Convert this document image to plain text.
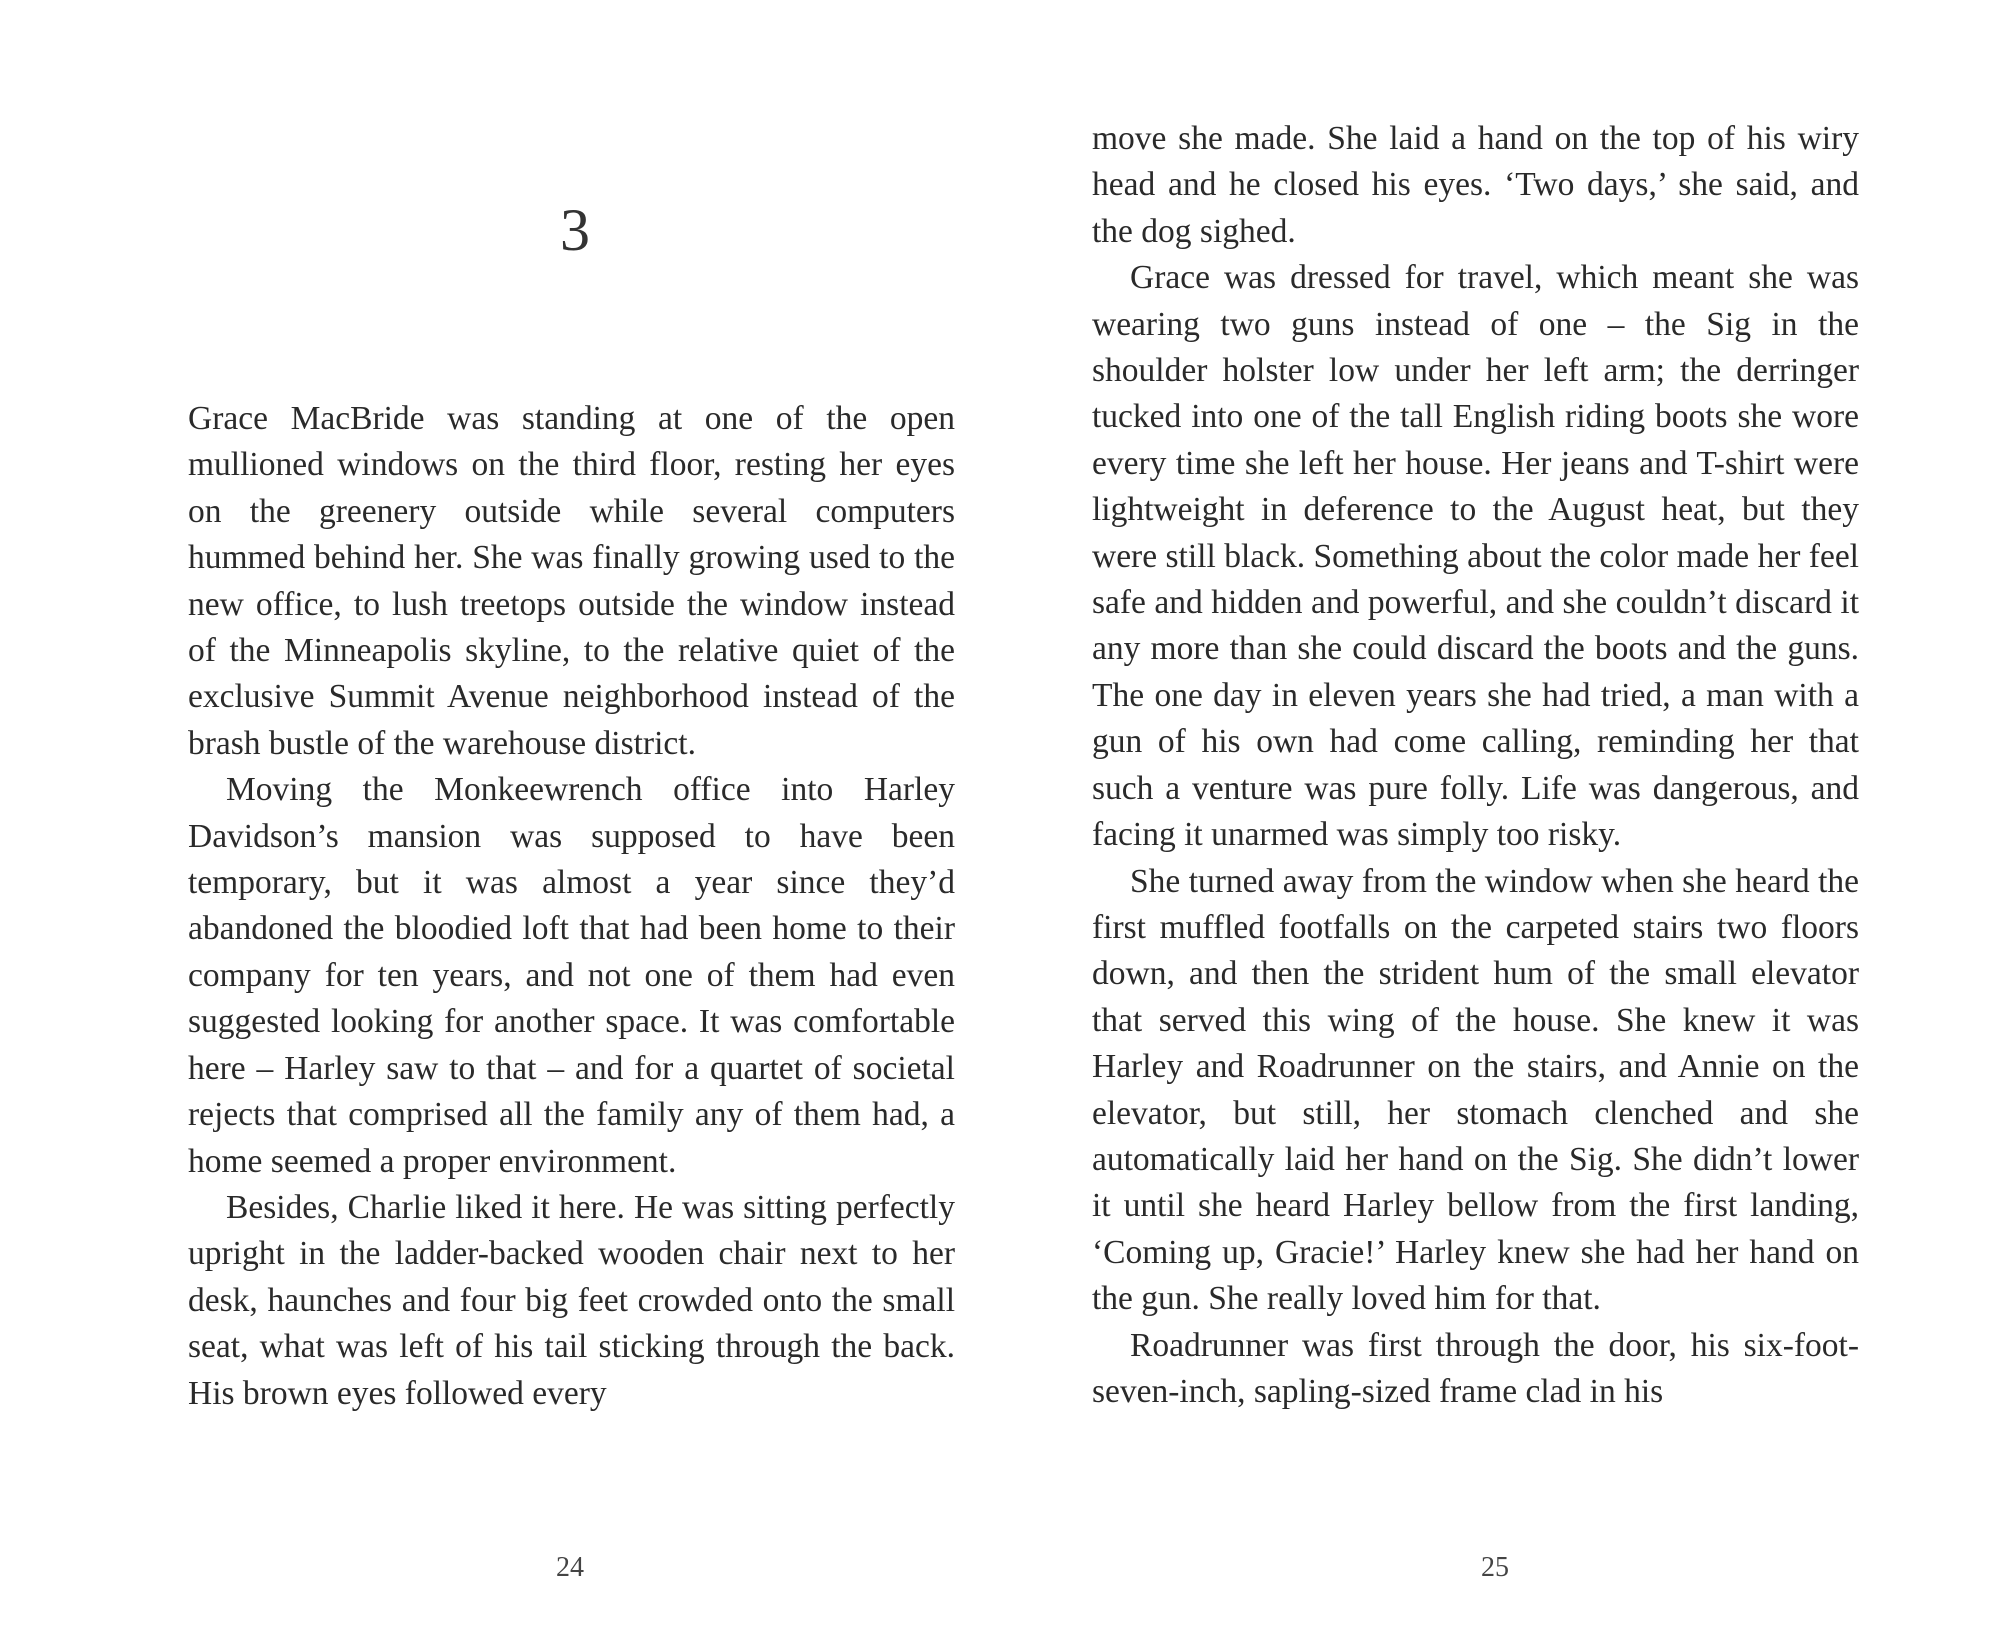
3

Grace MacBride was standing at one of the open mullioned windows on the third floor, resting her eyes on the greenery outside while several computers hummed behind her. She was finally growing used to the new office, to lush treetops outside the window instead of the Minneapolis skyline, to the relative quiet of the exclusive Summit Avenue neighborhood instead of the brash bustle of the warehouse district.

Moving the Monkeewrench office into Harley Davidson’s mansion was supposed to have been temporary, but it was almost a year since they’d abandoned the bloodied loft that had been home to their company for ten years, and not one of them had even suggested looking for another space. It was comfortable here – Harley saw to that – and for a quartet of societal rejects that comprised all the family any of them had, a home seemed a proper environment.

Besides, Charlie liked it here. He was sitting perfectly upright in the ladder-backed wooden chair next to her desk, haunches and four big feet crowded onto the small seat, what was left of his tail sticking through the back. His brown eyes followed every

24

move she made. She laid a hand on the top of his wiry head and he closed his eyes. ‘Two days,’ she said, and the dog sighed.

Grace was dressed for travel, which meant she was wearing two guns instead of one – the Sig in the shoulder holster low under her left arm; the derringer tucked into one of the tall English riding boots she wore every time she left her house. Her jeans and T-shirt were lightweight in deference to the August heat, but they were still black. Something about the color made her feel safe and hidden and powerful, and she couldn’t discard it any more than she could discard the boots and the guns. The one day in eleven years she had tried, a man with a gun of his own had come calling, reminding her that such a venture was pure folly. Life was dangerous, and facing it unarmed was simply too risky.

She turned away from the window when she heard the first muffled footfalls on the carpeted stairs two floors down, and then the strident hum of the small elevator that served this wing of the house. She knew it was Harley and Roadrunner on the stairs, and Annie on the elevator, but still, her stomach clenched and she automatically laid her hand on the Sig. She didn’t lower it until she heard Harley bellow from the first landing, ‘Coming up, Gracie!’ Harley knew she had her hand on the gun. She really loved him for that.

Roadrunner was first through the door, his six-foot-seven-inch, sapling-sized frame clad in his

25
